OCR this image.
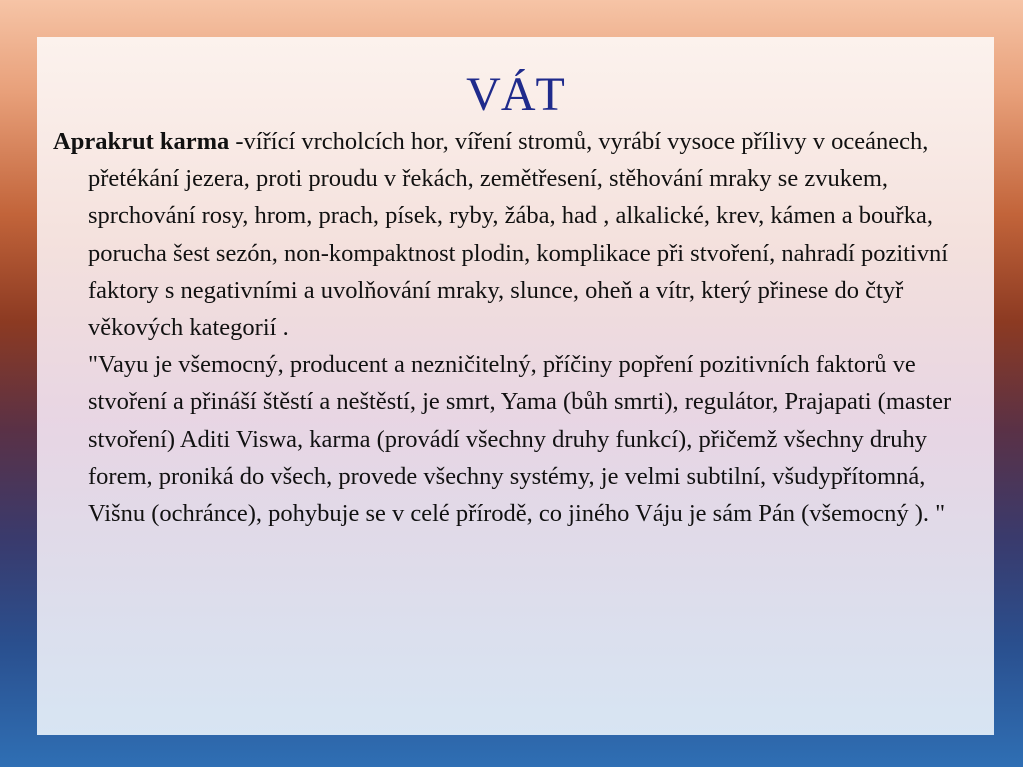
VÁT

Aprakrut karma -vířící vrcholcích hor, víření stromů, vyrábí vysoce přílivy v oceánech, přetékání jezera, proti proudu v řekách, zemětřesení, stěhování mraky se zvukem, sprchování rosy, hrom, prach, písek, ryby, žába, had , alkalické, krev, kámen a bouřka, porucha šest sezón, non-kompaktnost plodin, komplikace při stvoření, nahradí pozitivní faktory s negativními a uvolňování mraky, slunce, oheň a vítr, který přinese do čtyř věkových kategorií .

"Vayu je všemocný, producent a nezničitelný, příčiny popření pozitivních faktorů ve stvoření a přináší štěstí a neštěstí, je smrt, Yama (bůh smrti), regulátor, Prajapati (master stvoření) Aditi Viswa, karma (provádí všechny druhy funkcí), přičemž všechny druhy forem, proniká do všech, provede všechny systémy, je velmi subtilní, všudypřítomná, Višnu (ochránce), pohybuje se v celé přírodě, co jiného Váju je sám Pán (všemocný ). "
